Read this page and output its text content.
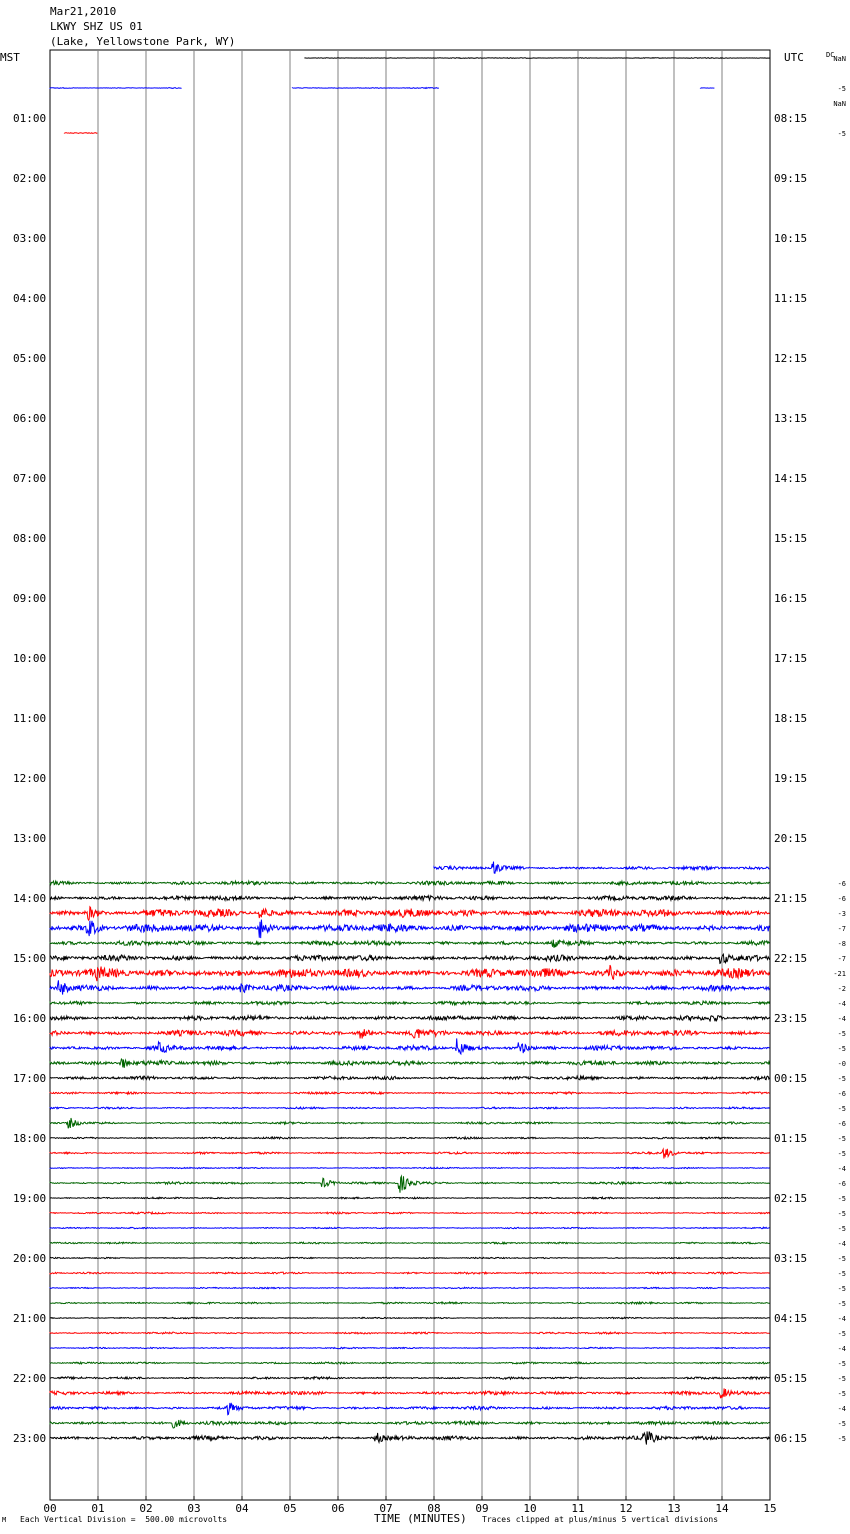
Mar21,2010
LKWY SHZ US 01
(Lake, Yellowstone Park, WY)
MST	UTC
01:00
02:00
03:00
04:00
05:00
06:00
07:00
08:00
09:00
10:00
11:00
12:00
13:00
14:00
15:00
16:00
17:00
18:00
19:00
20:00
21:00
22:00
23:00
08:15
09:15
10:15
11:15
12:15
13:15
14:15
15:15
16:15
17:15
18:15
19:15
20:15
21:15
22:15
23:15
00:15
01:15
02:15
03:15
04:15
05:15
06:15
NaN
-5
NaN
-5
-6
-6
-3
-7
-8
-7
-21
-2
-4
-4
-5
-5
-0
-5
-6
-5
-6
-5
-5
-4
-6
-5
-5
-5
-4
-5
-5
-5
-5
-4
-5
-4
-5
-5
-5
-4
-5
-5
00	01	02	03	04	05	06	07	08	09	10	11	12	13	14	15
DC
M Each Vertical Division =  500.00 microvolts	TIME (MINUTES) Traces clipped at plus/minus 5 vertical divisions
